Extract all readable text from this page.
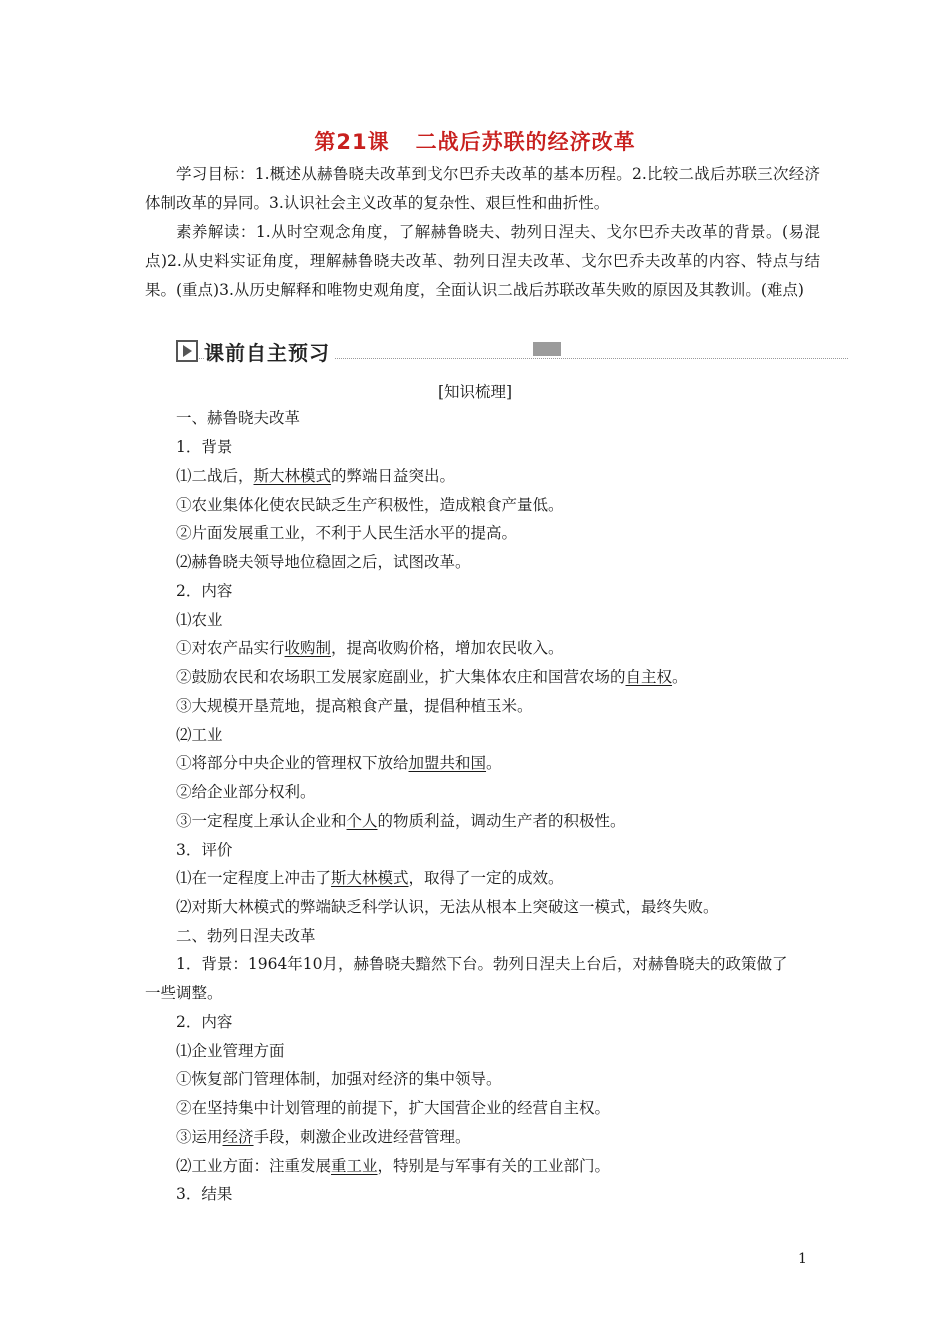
第21课 二战后苏联的经济改革

学习目标：1.概述从赫鲁晓夫改革到戈尔巴乔夫改革的基本历程。2.比较二战后苏联三次经济体制改革的异同。3.认识社会主义改革的复杂性、艰巨性和曲折性。

素养解读：1.从时空观念角度，了解赫鲁晓夫、勃列日涅夫、戈尔巴乔夫改革的背景。(易混点)2.从史料实证角度，理解赫鲁晓夫改革、勃列日涅夫改革、戈尔巴乔夫改革的内容、特点与结果。(重点)3.从历史解释和唯物史观角度，全面认识二战后苏联改革失败的原因及其教训。(难点)

课前自主预习
[知识梳理]
一、赫鲁晓夫改革
1．背景
⑴二战后，斯大林模式的弊端日益突出。
①农业集体化使农民缺乏生产积极性，造成粮食产量低。
②片面发展重工业，不利于人民生活水平的提高。
⑵赫鲁晓夫领导地位稳固之后，试图改革。
2．内容
⑴农业
①对农产品实行收购制，提高收购价格，增加农民收入。
②鼓励农民和农场职工发展家庭副业，扩大集体农庄和国营农场的自主权。
③大规模开垦荒地，提高粮食产量，提倡种植玉米。
⑵工业
①将部分中央企业的管理权下放给加盟共和国。
②给企业部分权利。
③一定程度上承认企业和个人的物质利益，调动生产者的积极性。
3．评价
⑴在一定程度上冲击了斯大林模式，取得了一定的成效。
⑵对斯大林模式的弊端缺乏科学认识，无法从根本上突破这一模式，最终失败。
二、勃列日涅夫改革
1．背景：1964年10月，赫鲁晓夫黯然下台。勃列日涅夫上台后，对赫鲁晓夫的政策做了一些调整。
2．内容
⑴企业管理方面
①恢复部门管理体制，加强对经济的集中领导。
②在坚持集中计划管理的前提下，扩大国营企业的经营自主权。
③运用经济手段，刺激企业改进经营管理。
⑵工业方面：注重发展重工业，特别是与军事有关的工业部门。
3．结果
1
